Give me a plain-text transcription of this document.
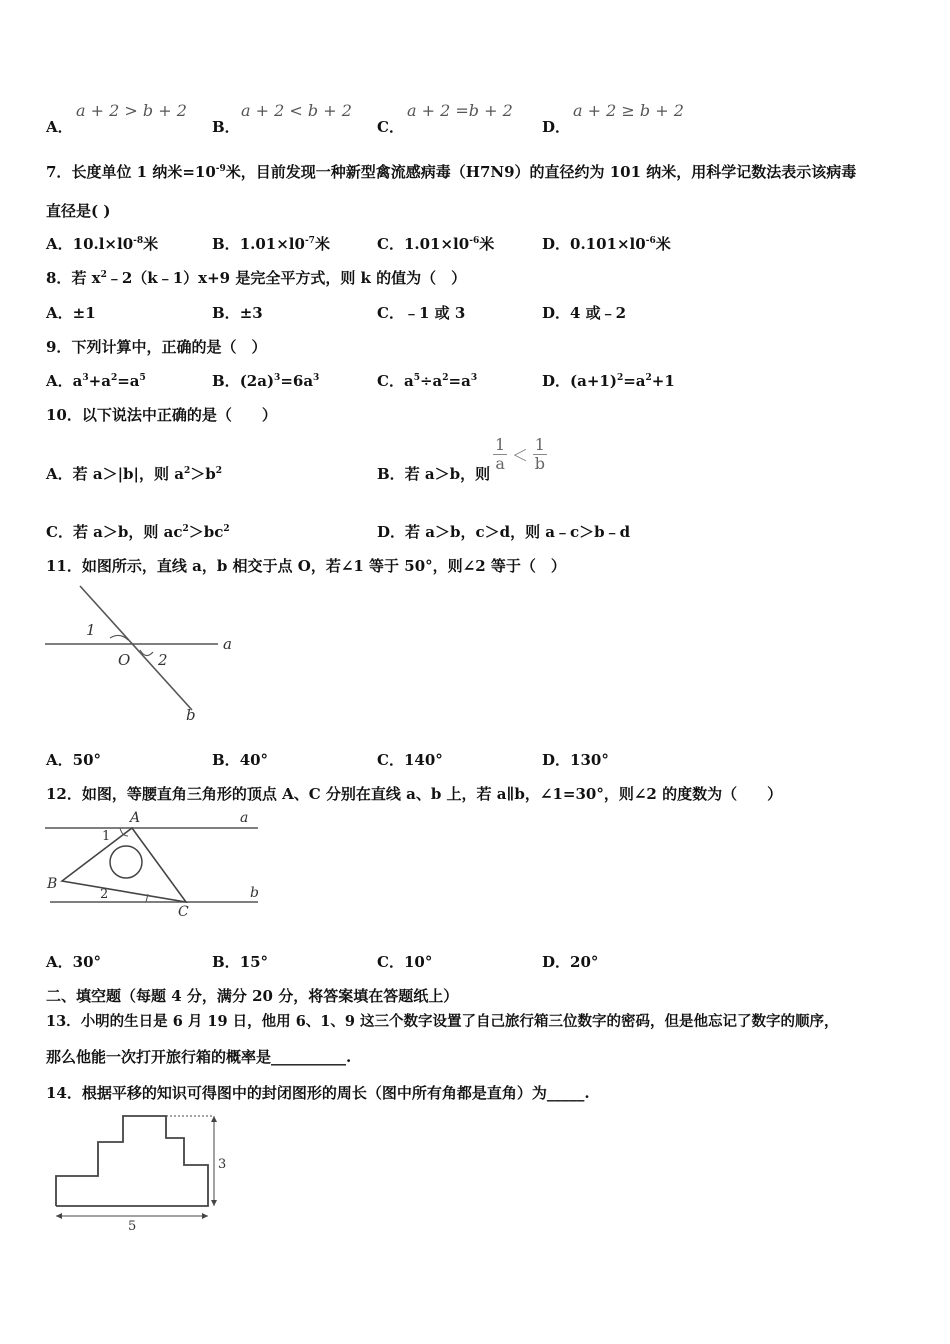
A．
a + 2 > b + 2
B．
a + 2 < b + 2
C．
a + 2 =b + 2
D．
a + 2 ≥ b + 2
7．长度单位 1 纳米$=10^{-9}$米，目前发现一种新型禽流感病毒（H7N9）的直径约为 101 纳米，用科学记数法表示该病毒
直径是( )
A．$10.l\times l0^{-8}$米	B．$1.01\times l0^{-7}$米	C．$1.01\times l0^{-6}$米	D．$0.101\times l0^{-6}$米
8．若 $x^2﹣2(k﹣1)x+9$ 是完全平方式，则 k 的值为（　）
A．±1	B．±3	C．﹣1 或 3	D．4 或﹣2
9．下列计算中，正确的是（　）
A．$a^3+a^2=a^5$	B．$(2a)^3=6a^3$	C．$a^5\div a^2=a^3$	D．$(a+1)^2=a^2+1$
10．以下说法中正确的是（　　）
A．若 a＞|b|，则 $a^2>b^2$	B．若 a＞b，则
$\frac{1}{a} < \frac{1}{b}$
C．若 a＞b，则 $ac^2>bc^2$	D．若 a＞b，c＞d，则 a﹣c＞b﹣d
11．如图所示，直线 a，b 相交于点 O，若∠1 等于 50°，则∠2 等于（　）
1
2
O
a
b
A．50°	B．40°	C．140°	D．130°
12．如图，等腰直角三角形的顶点 A、C 分别在直线 a、b 上，若 a∥b，∠1=30°，则∠2 的度数为（　　）
A
B
C
a
b
1
2
A．30°	B．15°	C．10°	D．20°
二、填空题（每题 4 分，满分 20 分，将答案填在答题纸上）
13．小明的生日是 6 月 19 日，他用 6、1、9 这三个数字设置了自己旅行箱三位数字的密码，但是他忘记了数字的顺序，
那么他能一次打开旅行箱的概率是__________.
14．根据平移的知识可得图中的封闭图形的周长（图中所有角都是直角）为_____.
3
5
